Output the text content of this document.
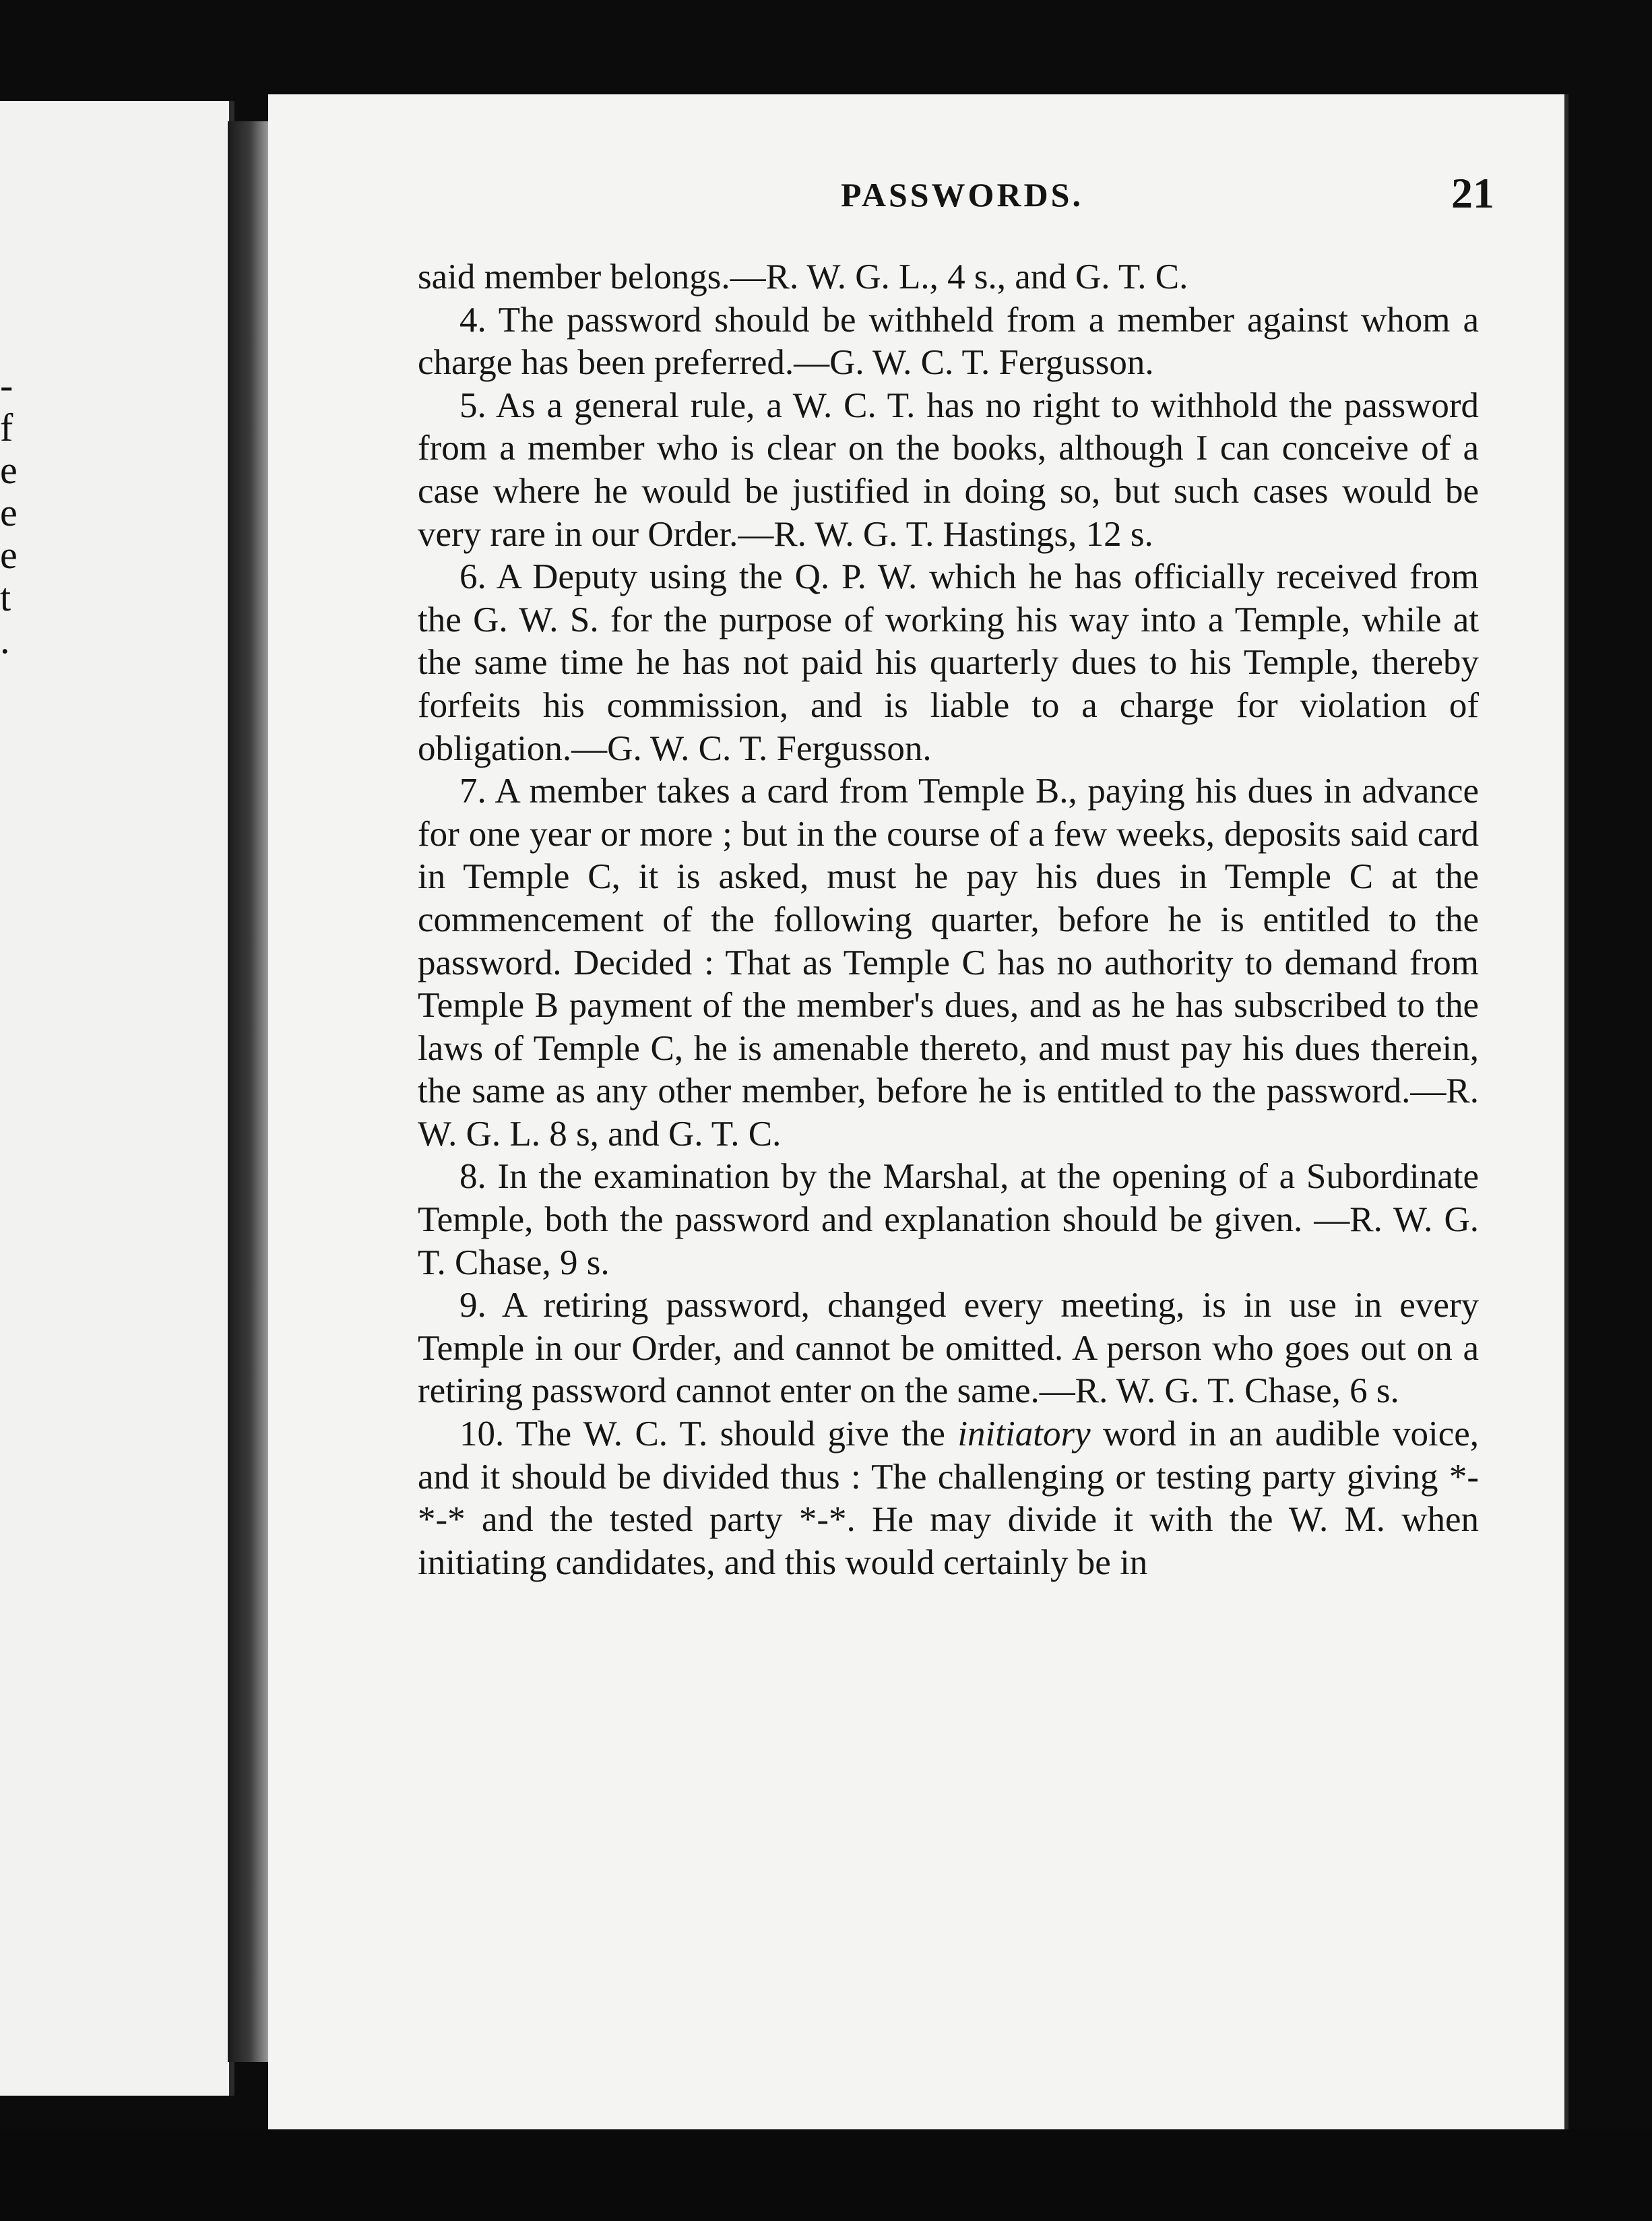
-
f
e
e
e
t
.
PASSWORDS.	21

said member belongs.—R. W. G. L., 4 s., and G. T. C.

4. The password should be withheld from a member against whom a charge has been preferred.—G. W. C. T. Fergusson.

5. As a general rule, a W. C. T. has no right to withhold the password from a member who is clear on the books, although I can conceive of a case where he would be justified in doing so, but such cases would be very rare in our Order.—R. W. G. T. Hastings, 12 s.

6. A Deputy using the Q. P. W. which he has officially received from the G. W. S. for the purpose of working his way into a Temple, while at the same time he has not paid his quarterly dues to his Temple, thereby forfeits his commission, and is liable to a charge for violation of obligation.—G. W. C. T. Fergusson.

7. A member takes a card from Temple B., paying his dues in advance for one year or more ; but in the course of a few weeks, deposits said card in Temple C, it is asked, must he pay his dues in Temple C at the commencement of the following quarter, before he is entitled to the password. Decided : That as Temple C has no authority to demand from Temple B payment of the member's dues, and as he has subscribed to the laws of Temple C, he is amenable thereto, and must pay his dues therein, the same as any other member, before he is entitled to the password.—R. W. G. L. 8 s, and G. T. C.

8. In the examination by the Marshal, at the opening of a Subordinate Temple, both the password and explanation should be given. —R. W. G. T. Chase, 9 s.

9. A retiring password, changed every meeting, is in use in every Temple in our Order, and cannot be omitted. A person who goes out on a retiring password cannot enter on the same.—R. W. G. T. Chase, 6 s.

10. The W. C. T. should give the initiatory word in an audible voice, and it should be divided thus : The challenging or testing party giving *-*-* and the tested party *-*. He may divide it with the W. M. when initiating candidates, and this would certainly be in
